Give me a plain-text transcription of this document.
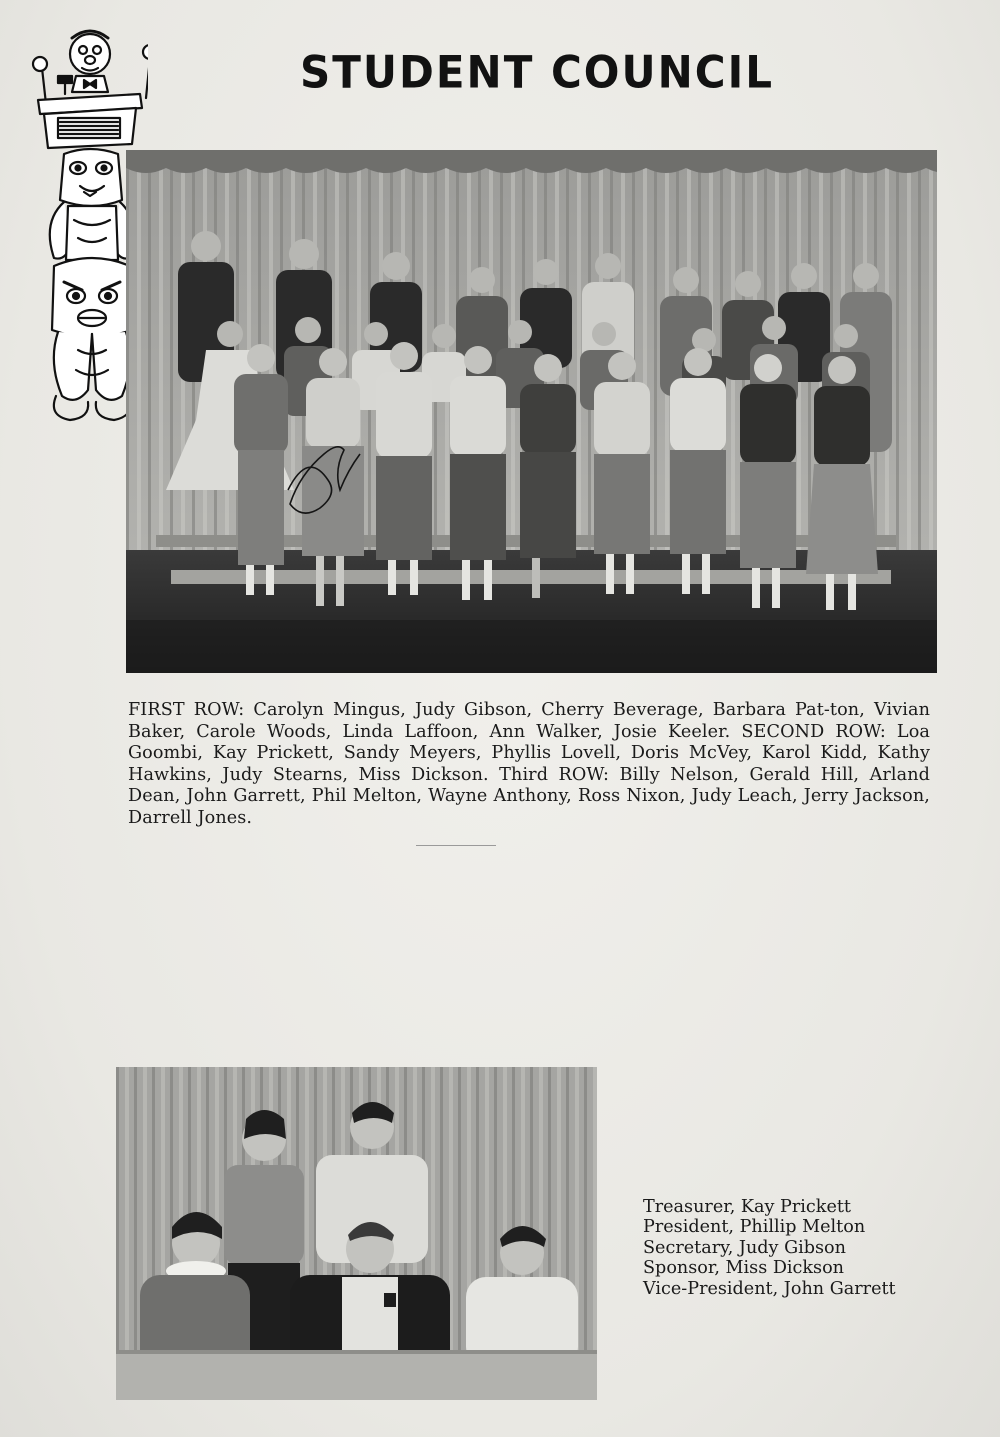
STUDENT COUNCIL

FIRST ROW: Carolyn Mingus, Judy Gibson, Cherry Beverage, Barbara Pat-ton, Vivian Baker, Carole Woods, Linda Laffoon, Ann Walker, Josie Keeler. SECOND ROW: Loa Goombi, Kay Prickett, Sandy Meyers, Phyllis Lovell, Doris McVey, Karol Kidd, Kathy Hawkins, Judy Stearns, Miss Dickson. Third ROW: Billy Nelson, Gerald Hill, Arland Dean, John Garrett, Phil Melton, Wayne Anthony, Ross Nixon, Judy Leach, Jerry Jackson, Darrell Jones.

Treasurer, Kay Prickett
President, Phillip Melton
Secretary, Judy Gibson
Sponsor, Miss Dickson
Vice-President, John Garrett
